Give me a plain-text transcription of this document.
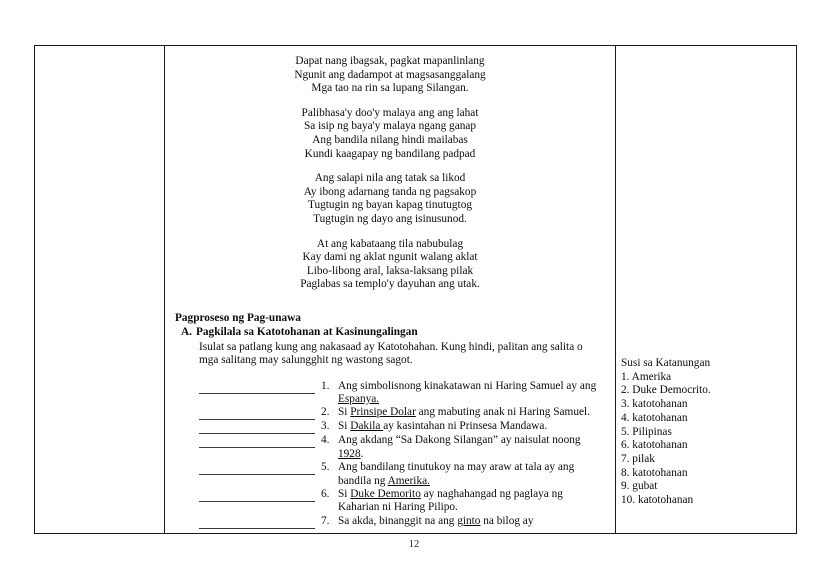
Dapat nang ibagsak, pagkat mapanlinlang
Ngunit ang dadampot at magsasanggalang
Mga tao na rin sa lupang Silangan.
Palibhasa'y doo'y malaya ang ang lahat
Sa isip ng baya'y malaya ngang ganap
Ang bandila nilang hindi mailabas
Kundi kaagapay ng bandilang padpad
Ang salapi nila ang tatak sa likod
Ay ibong adarnang tanda ng pagsakop
Tugtugin ng bayan kapag tinutugtog
Tugtugin ng dayo ang isinusunod.
At ang kabataang tila nabubulag
Kay dami ng aklat ngunit walang aklat
Libo-libong aral, laksa-laksang pilak
Paglabas sa templo'y dayuhan ang utak.
Pagproseso ng Pag-unawa
A. Pagkilala sa Katotohanan at Kasinungalingan
Isulat sa patlang kung ang nakasaad ay Katotohahan. Kung hindi, palitan ang salita o mga salitang may salungghit ng wastong sagot.
1. Ang simbolisnong kinakatawan ni Haring Samuel ay ang Espanya.
2. Si Prinsipe Dolar ang mabuting anak ni Haring Samuel.
3. Si Dakila ay kasintahan ni Prinsesa Mandawa.
4. Ang akdang “Sa Dakong Silangan” ay naisulat noong 1928.
5. Ang bandilang tinutukoy na may araw at tala ay ang bandila ng Amerika.
6. Si Duke Demorito ay naghahangad ng paglaya ng Kaharian ni Haring Pilipo.
7. Sa akda, binanggit na ang ginto na bilog ay

Susi sa Katanungan
1. Amerika
2. Duke Democrito.
3. katotohanan
4. katotohanan
5. Pilipinas
6. katotohanan
7. pilak
8. katotohanan
9. gubat
10. katotohanan
12
